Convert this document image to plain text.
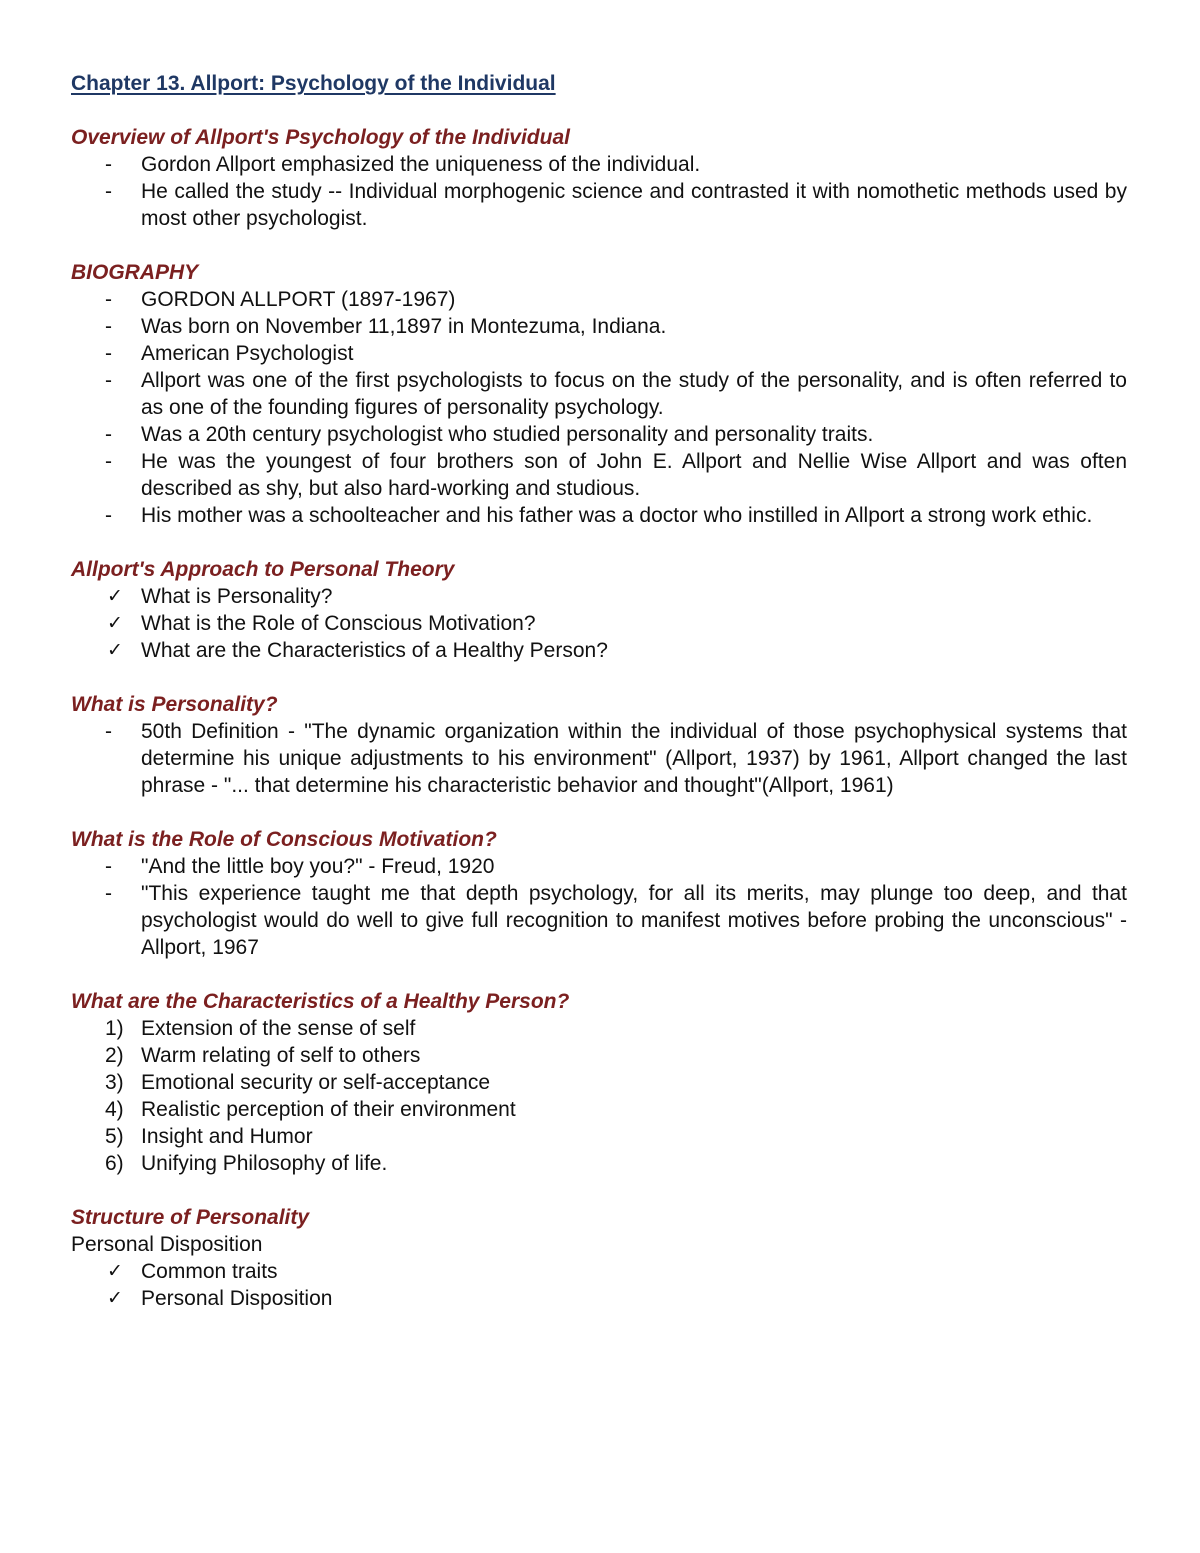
Chapter 13. Allport: Psychology of the Individual
Overview of Allport's Psychology of the Individual
- Gordon Allport emphasized the uniqueness of the individual.
- He called the study -- Individual morphogenic science and contrasted it with nomothetic methods used by most other psychologist.
BIOGRAPHY
- GORDON ALLPORT (1897-1967)
- Was born on November 11,1897 in Montezuma, Indiana.
- American Psychologist
- Allport was one of the first psychologists to focus on the study of the personality, and is often referred to as one of the founding figures of personality psychology.
- Was a 20th century psychologist who studied personality and personality traits.
- He was the youngest of four brothers son of John E. Allport and Nellie Wise Allport and was often described as shy, but also hard-working and studious.
- His mother was a schoolteacher and his father was a doctor who instilled in Allport a strong work ethic.
Allport's Approach to Personal Theory
✓ What is Personality?
✓ What is the Role of Conscious Motivation?
✓ What are the Characteristics of a Healthy Person?
What is Personality?
- 50th Definition - "The dynamic organization within the individual of those psychophysical systems that determine his unique adjustments to his environment" (Allport, 1937) by 1961, Allport changed the last phrase - "... that determine his characteristic behavior and thought"(Allport, 1961)
What is the Role of Conscious Motivation?
- "And the little boy you?" - Freud, 1920
- "This experience taught me that depth psychology, for all its merits, may plunge too deep, and that psychologist would do well to give full recognition to manifest motives before probing the unconscious" -Allport, 1967
What are the Characteristics of a Healthy Person?
1) Extension of the sense of self
2) Warm relating of self to others
3) Emotional security or self-acceptance
4) Realistic perception of their environment
5) Insight and Humor
6) Unifying Philosophy of life.
Structure of Personality
Personal Disposition
✓ Common traits
✓ Personal Disposition
